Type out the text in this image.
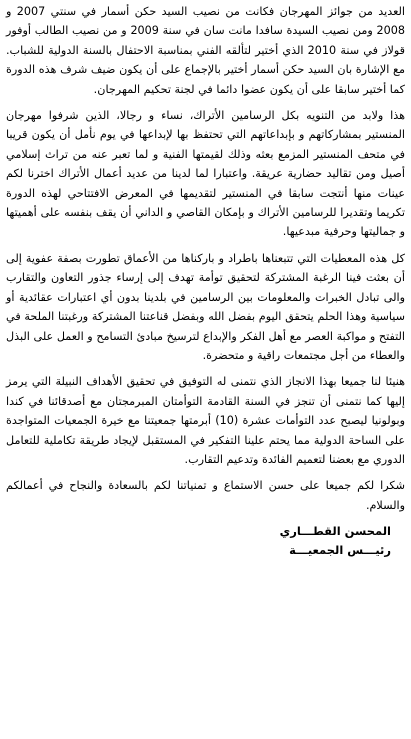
العديد من جوائز المهرجان فكانت من نصيب السيد حكن أسمار في سنتي 2007 و 2008 ومن نصيب السيدة سافدا مانت سان في سنة 2009 و من نصيب الطالب أوفور قولاز في سنة 2010 الذي أختير لتألقه الفني بمناسبة الاحتفال بالسنة الدولية للشباب. مع الإشارة بان السيد حكن أسمار أختير بالإجماع على أن يكون ضيف شرف هذه الدورة كما أختير سابقا على أن يكون عضوا دائما في لجنة تحكيم المهرجان.

هذا ولابد من التنويه بكل الرسامين الأتراك، نساء و رجالا، الذين شرفوا مهرجان المنستير بمشاركاتهم و بإبداعاتهم التي تحتفظ بها لإبداعها في يوم نأمل أن يكون قريبا في متحف المنستير المزمع بعثه وذلك لقيمتها الفنية و لما تعبر عنه من تراث إسلامي أصيل ومن تقاليد حضارية عريقة. واعتبارا لما لدينا من عديد أعمال الأتراك اخترنا لكم عينات منها أنتجت سابقا في المنستير لتقديمها في المعرض الافتتاحي لهذه الدورة تكريما وتقديرا للرسامين الأتراك و بإمكان القاصي و الداني أن يقف بنفسه على أهميتها و جماليتها وحرفية مبدعيها.

كل هذه المعطيات التي تتبعناها باطراد و باركناها من الأعماق تطورت بصفة عفوية إلى أن بعثت فينا الرغبة المشتركة لتحقيق توأمة تهدف إلى إرساء جذور التعاون والتقارب والى تبادل الخبرات والمعلومات بين الرسامين في بلدينا بدون أي اعتبارات عقائدية أو سياسية وهذا الحلم يتحقق اليوم بفضل الله وبفضل قناعتنا المشتركة ورغبتنا الملحة في التفتح و مواكبة العصر مع أهل الفكر والإبداع لترسيخ مبادئ التسامح و العمل على البذل والعطاء من أجل مجتمعات راقية و متحضرة.

هنيئا لنا جميعا بهذا الانجاز الذي نتمنى له التوفيق في تحقيق الأهداف النبيلة التي يرمز إليها كما نتمنى أن تنجز في السنة القادمة التوأمتان المبرمجتان مع أصدقائنا في كندا وبولونيا ليصبح عدد التوأمات عشرة (10) أبرمتها جمعيتنا مع خيرة الجمعيات المتواجدة على الساحة الدولية مما يحتم علينا التفكير في المستقبل لإيجاد طريقة تكاملية للتعامل الدوري مع بعضنا لتعميم الفائدة وتدعيم التقارب.

شكرا لكم جميعا على حسن الاستماع و تمنياتنا لكم بالسعادة والنجاح في أعمالكم والسلام.

المحسن القطـــاري
رئيـــس الجمعيـــة
